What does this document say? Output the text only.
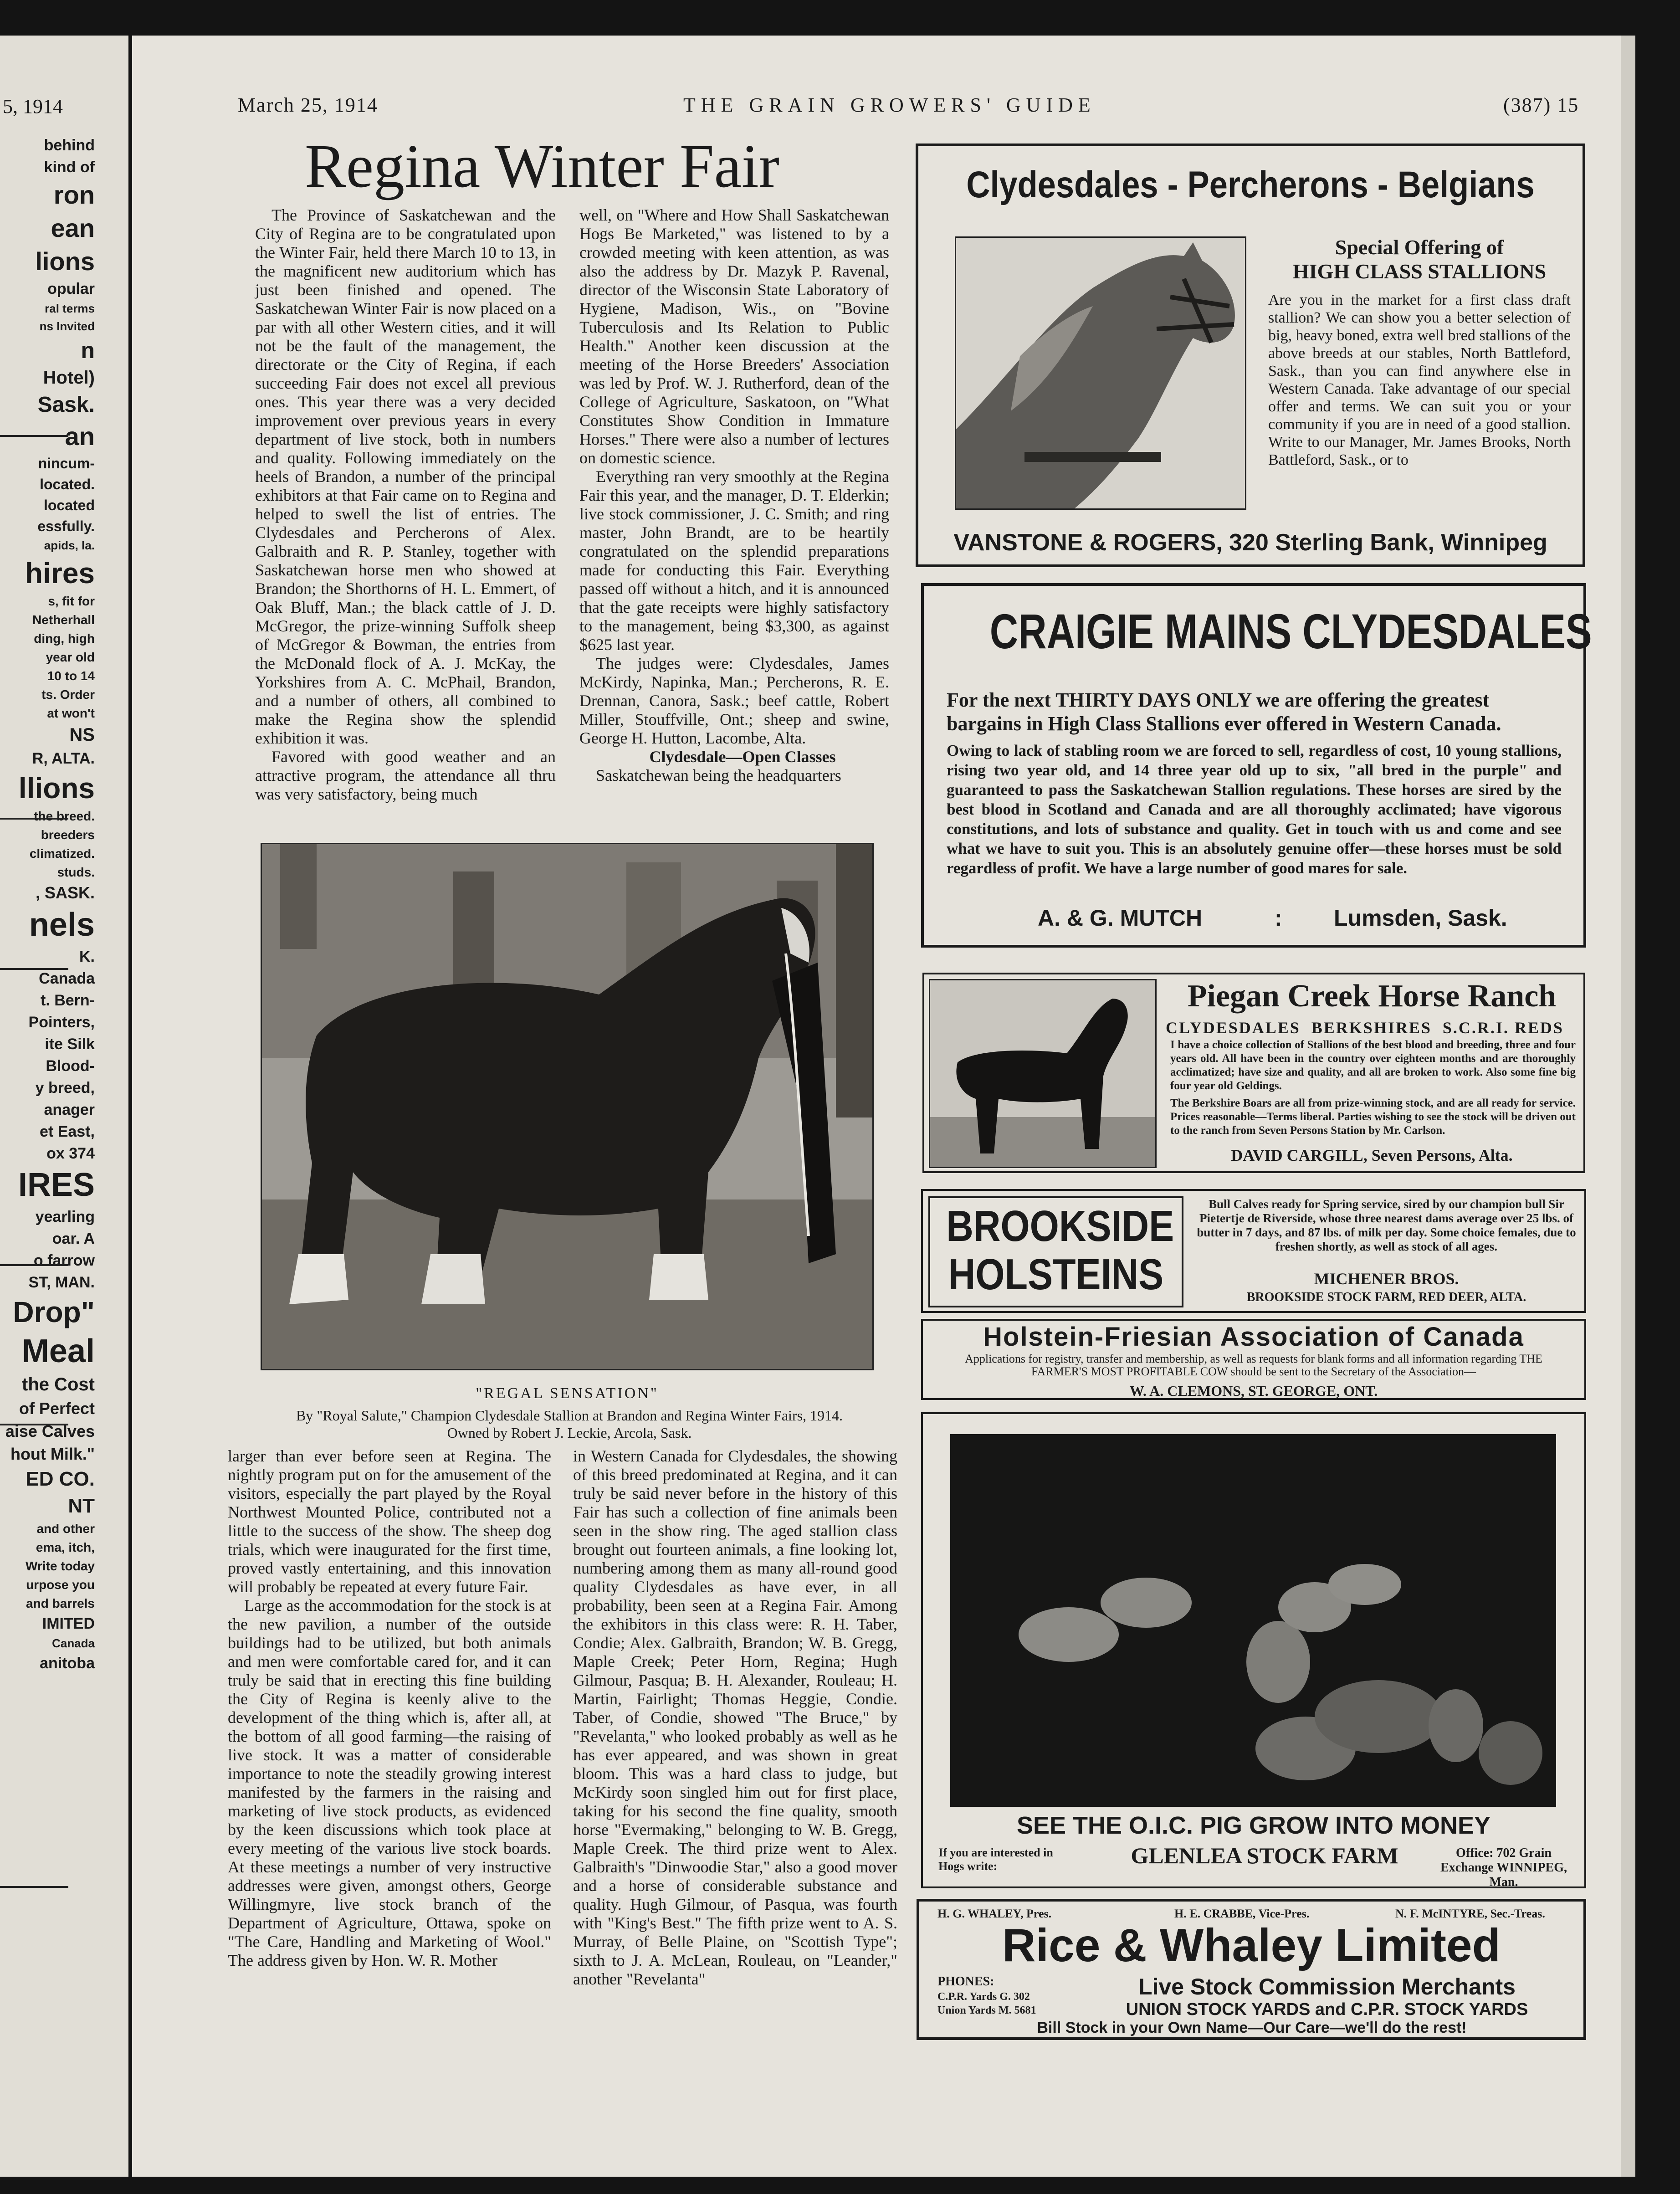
behind
kind of
ron
ean
lions
opular
ral terms
ns Invited
n
Hotel)
Sask.
an
nincum-
located.
located
essfully.
apids, Ia.
hires
s, fit for
Netherhall
ding, high
year old
10 to 14
ts. Order
at won't
NS
R, ALTA.
llions
the breed.
breeders
climatized.
studs.
, SASK.
nels
K.
Canada
t. Bern-
Pointers,
ite Silk
Blood-
y breed,
anager
et East,
ox 374
IRES
yearling
oar. A
o farrow
ST, MAN.
Drop"
Meal
the Cost
of Perfect
aise Calves
hout Milk."
ED CO.
NT
and other
ema, itch,
Write today
urpose you
and barrels
IMITED
Canada
anitoba
5, 1914	March 25, 1914	THE GRAIN GROWERS' GUIDE	(387) 15
Regina Winter Fair

The Province of Saskatchewan and the City of Regina are to be congratulated upon the Winter Fair, held there March 10 to 13, in the magnificent new auditorium which has just been finished and opened. The Saskatchewan Winter Fair is now placed on a par with all other Western cities, and it will not be the fault of the management, the directorate or the City of Regina, if each succeeding Fair does not excel all previous ones. This year there was a very decided improvement over previous years in every department of live stock, both in numbers and quality. Following immediately on the heels of Brandon, a number of the principal exhibitors at that Fair came on to Regina and helped to swell the list of entries. The Clydesdales and Percherons of Alex. Galbraith and R. P. Stanley, together with Saskatchewan horse men who showed at Brandon; the Shorthorns of H. L. Emmert, of Oak Bluff, Man.; the black cattle of J. D. McGregor, the prize-winning Suffolk sheep of McGregor & Bowman, the entries from the McDonald flock of A. J. McKay, the Yorkshires from A. C. McPhail, Brandon, and a number of others, all combined to make the Regina show the splendid exhibition it was.

Favored with good weather and an attractive program, the attendance all thru was very satisfactory, being much

well, on "Where and How Shall Saskatchewan Hogs Be Marketed," was listened to by a crowded meeting with keen attention, as was also the address by Dr. Mazyk P. Ravenal, director of the Wisconsin State Laboratory of Hygiene, Madison, Wis., on "Bovine Tuberculosis and Its Relation to Public Health." Another keen discussion at the meeting of the Horse Breeders' Association was led by Prof. W. J. Rutherford, dean of the College of Agriculture, Saskatoon, on "What Constitutes Show Condition in Immature Horses." There were also a number of lectures on domestic science.

Everything ran very smoothly at the Regina Fair this year, and the manager, D. T. Elderkin; live stock commissioner, J. C. Smith; and ring master, John Brandt, are to be heartily congratulated on the splendid preparations made for conducting this Fair. Everything passed off without a hitch, and it is announced that the gate receipts were highly satisfactory to the management, being $3,300, as against $625 last year.

The judges were: Clydesdales, James McKirdy, Napinka, Man.; Percherons, R. E. Drennan, Canora, Sask.; beef cattle, Robert Miller, Stouffville, Ont.; sheep and swine, George H. Hutton, Lacombe, Alta.

Clydesdale—Open Classes

Saskatchewan being the headquarters

"REGAL SENSATION"
By "Royal Salute," Champion Clydesdale Stallion at Brandon and Regina Winter Fairs, 1914. Owned by Robert J. Leckie, Arcola, Sask.

larger than ever before seen at Regina. The nightly program put on for the amusement of the visitors, especially the part played by the Royal Northwest Mounted Police, contributed not a little to the success of the show. The sheep dog trials, which were inaugurated for the first time, proved vastly entertaining, and this innovation will probably be repeated at every future Fair.

Large as the accommodation for the stock is at the new pavilion, a number of the outside buildings had to be utilized, but both animals and men were comfortable cared for, and it can truly be said that in erecting this fine building the City of Regina is keenly alive to the development of the thing which is, after all, at the bottom of all good farming—the raising of live stock. It was a matter of considerable importance to note the steadily growing interest manifested by the farmers in the raising and marketing of live stock products, as evidenced by the keen discussions which took place at every meeting of the various live stock boards. At these meetings a number of very instructive addresses were given, amongst others, George Willingmyre, live stock branch of the Department of Agriculture, Ottawa, spoke on "The Care, Handling and Marketing of Wool." The address given by Hon. W. R. Mother

in Western Canada for Clydesdales, the showing of this breed predominated at Regina, and it can truly be said never before in the history of this Fair has such a collection of fine animals been seen in the show ring. The aged stallion class brought out fourteen animals, a fine looking lot, numbering among them as many all-round good quality Clydesdales as have ever, in all probability, been seen at a Regina Fair. Among the exhibitors in this class were: R. H. Taber, Condie; Alex. Galbraith, Brandon; W. B. Gregg, Maple Creek; Peter Horn, Regina; Hugh Gilmour, Pasqua; B. H. Alexander, Rouleau; H. Martin, Fairlight; Thomas Heggie, Condie. Taber, of Condie, showed "The Bruce," by "Revelanta," who looked probably as well as he has ever appeared, and was shown in great bloom. This was a hard class to judge, but McKirdy soon singled him out for first place, taking for his second the fine quality, smooth horse "Evermaking," belonging to W. B. Gregg, Maple Creek. The third prize went to Alex. Galbraith's "Dinwoodie Star," also a good mover and a horse of considerable substance and quality. Hugh Gilmour, of Pasqua, was fourth with "King's Best." The fifth prize went to A. S. Murray, of Belle Plaine, on "Scottish Type"; sixth to J. A. McLean, Rouleau, on "Leander," another "Revelanta"

Clydesdales - Percherons - Belgians
Special Offering of
HIGH CLASS STALLIONS
Are you in the market for a first class draft stallion? We can show you a better selection of big, heavy boned, extra well bred stallions of the above breeds at our stables, North Battleford, Sask., than you can find anywhere else in Western Canada. Take advantage of our special offer and terms. We can suit you or your community if you are in need of a good stallion. Write to our Manager, Mr. James Brooks, North Battleford, Sask., or to
VANSTONE & ROGERS, 320 Sterling Bank, Winnipeg
CRAIGIE MAINS CLYDESDALES
For the next THIRTY DAYS ONLY we are offering the greatest bargains in High Class Stallions ever offered in Western Canada.
Owing to lack of stabling room we are forced to sell, regardless of cost, 10 young stallions, rising two year old, and 14 three year old up to six, "all bred in the purple" and guaranteed to pass the Saskatchewan Stallion regulations. These horses are sired by the best blood in Scotland and Canada and are all thoroughly acclimated; have vigorous constitutions, and lots of substance and quality. Get in touch with us and come and see what we have to suit you. This is an absolutely genuine offer—these horses must be sold regardless of profit. We have a large number of good mares for sale.
A. & G. MUTCH	: Lumsden, Sask.
Piegan Creek Horse Ranch
CLYDESDALES  BERKSHIRES  S.C.R.I. REDS
I have a choice collection of Stallions of the best blood and breeding, three and four years old. All have been in the country over eighteen months and are thoroughly acclimatized; have size and quality, and all are broken to work. Also some fine big four year old Geldings.
The Berkshire Boars are all from prize-winning stock, and are all ready for service. Prices reasonable—Terms liberal. Parties wishing to see the stock will be driven out to the ranch from Seven Persons Station by Mr. Carlson.
DAVID CARGILL, Seven Persons, Alta.
BROOKSIDE
HOLSTEINS
Bull Calves ready for Spring service, sired by our champion bull Sir Pietertje de Riverside, whose three nearest dams average over 25 lbs. of butter in 7 days, and 87 lbs. of milk per day. Some choice females, due to freshen shortly, as well as stock of all ages.
MICHENER BROS.
BROOKSIDE STOCK FARM, RED DEER, ALTA.
Holstein-Friesian Association of Canada
Applications for registry, transfer and membership, as well as requests for blank forms and all information regarding THE FARMER'S MOST PROFITABLE COW should be sent to the Secretary of the Association—
W. A. CLEMONS, ST. GEORGE, ONT.
SEE THE O.I.C. PIG GROW INTO MONEY
If you are interested in Hogs write:	GLENLEA STOCK FARM	Office: 702 Grain Exchange WINNIPEG, Man.
H. G. WHALEY, Pres.	H. E. CRABBE, Vice-Pres.	N. F. McINTYRE, Sec.-Treas.
Rice & Whaley Limited
PHONES:
C.P.R. Yards G. 302
Union Yards M. 5681
Live Stock Commission Merchants
UNION STOCK YARDS and C.P.R. STOCK YARDS
Bill Stock in your Own Name—Our Care—we'll do the rest!
